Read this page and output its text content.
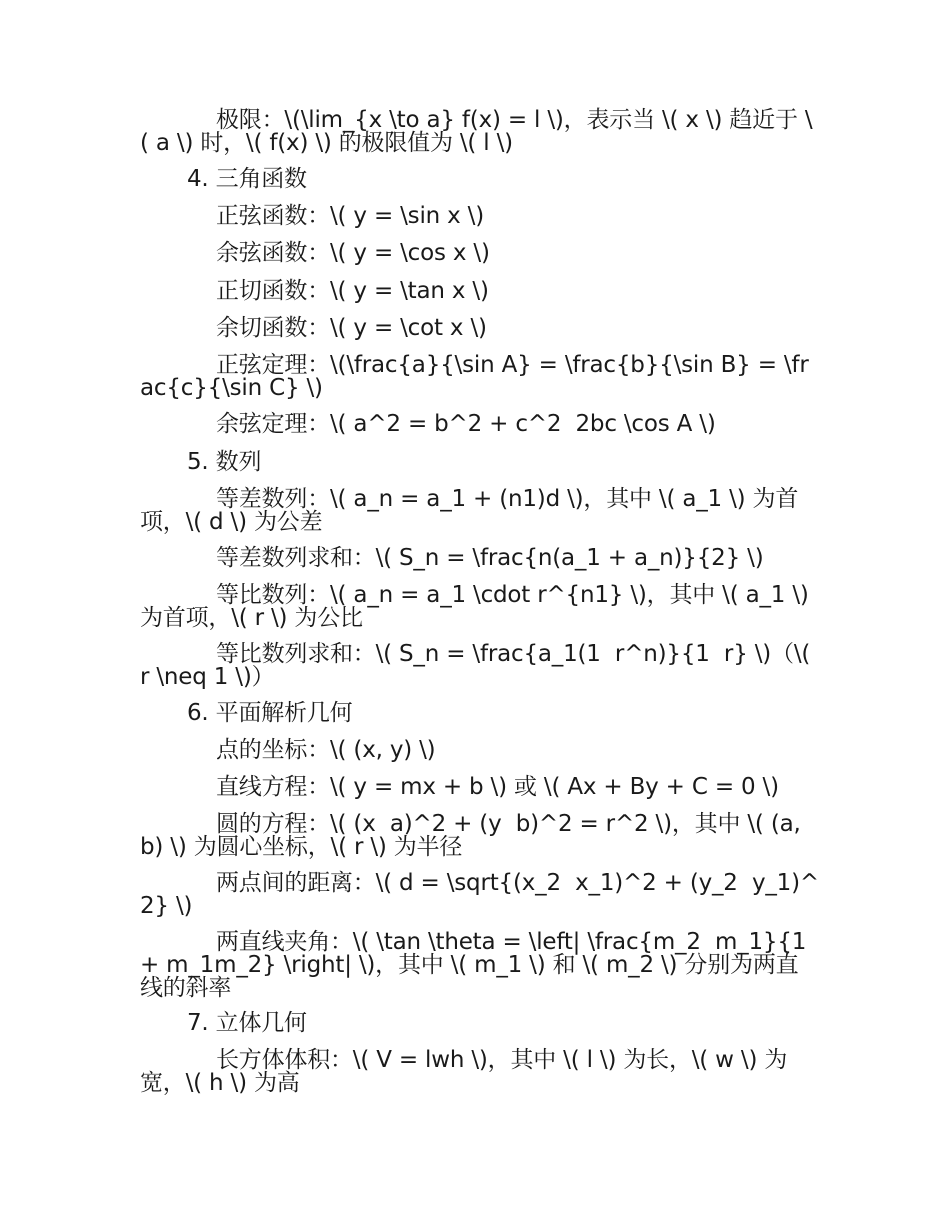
极限：\(\lim_{x \to a} f(x) = l \)，表示当 \( x \) 趋近于 \( a \) 时，\( f(x) \) 的极限值为 \( l \)
4. 三角函数
正弦函数：\( y = \sin x \)
余弦函数：\( y = \cos x \)
正切函数：\( y = \tan x \)
余切函数：\( y = \cot x \)
正弦定理：\(\frac{a}{\sin A} = \frac{b}{\sin B} = \frac{c}{\sin C} \)
余弦定理：\( a^2 = b^2 + c^2  2bc \cos A \)
5. 数列
等差数列：\( a_n = a_1 + (n1)d \)，其中 \( a_1 \) 为首项，\( d \) 为公差
等差数列求和：\( S_n = \frac{n(a_1 + a_n)}{2} \)
等比数列：\( a_n = a_1 \cdot r^{n1} \)，其中 \( a_1 \) 为首项，\( r \) 为公比
等比数列求和：\( S_n = \frac{a_1(1  r^n)}{1  r} \)（\( r \neq 1 \)）
6. 平面解析几何
点的坐标：\( (x, y) \)
直线方程：\( y = mx + b \) 或 \( Ax + By + C = 0 \)
圆的方程：\( (x  a)^2 + (y  b)^2 = r^2 \)，其中 \( (a, b) \) 为圆心坐标，\( r \) 为半径
两点间的距离：\( d = \sqrt{(x_2  x_1)^2 + (y_2  y_1)^2} \)
两直线夹角：\( \tan \theta = \left| \frac{m_2  m_1}{1 + m_1m_2} \right| \)，其中 \( m_1 \) 和 \( m_2 \) 分别为两直线的斜率
7. 立体几何
长方体体积：\( V = lwh \)，其中 \( l \) 为长，\( w \) 为宽，\( h \) 为高
